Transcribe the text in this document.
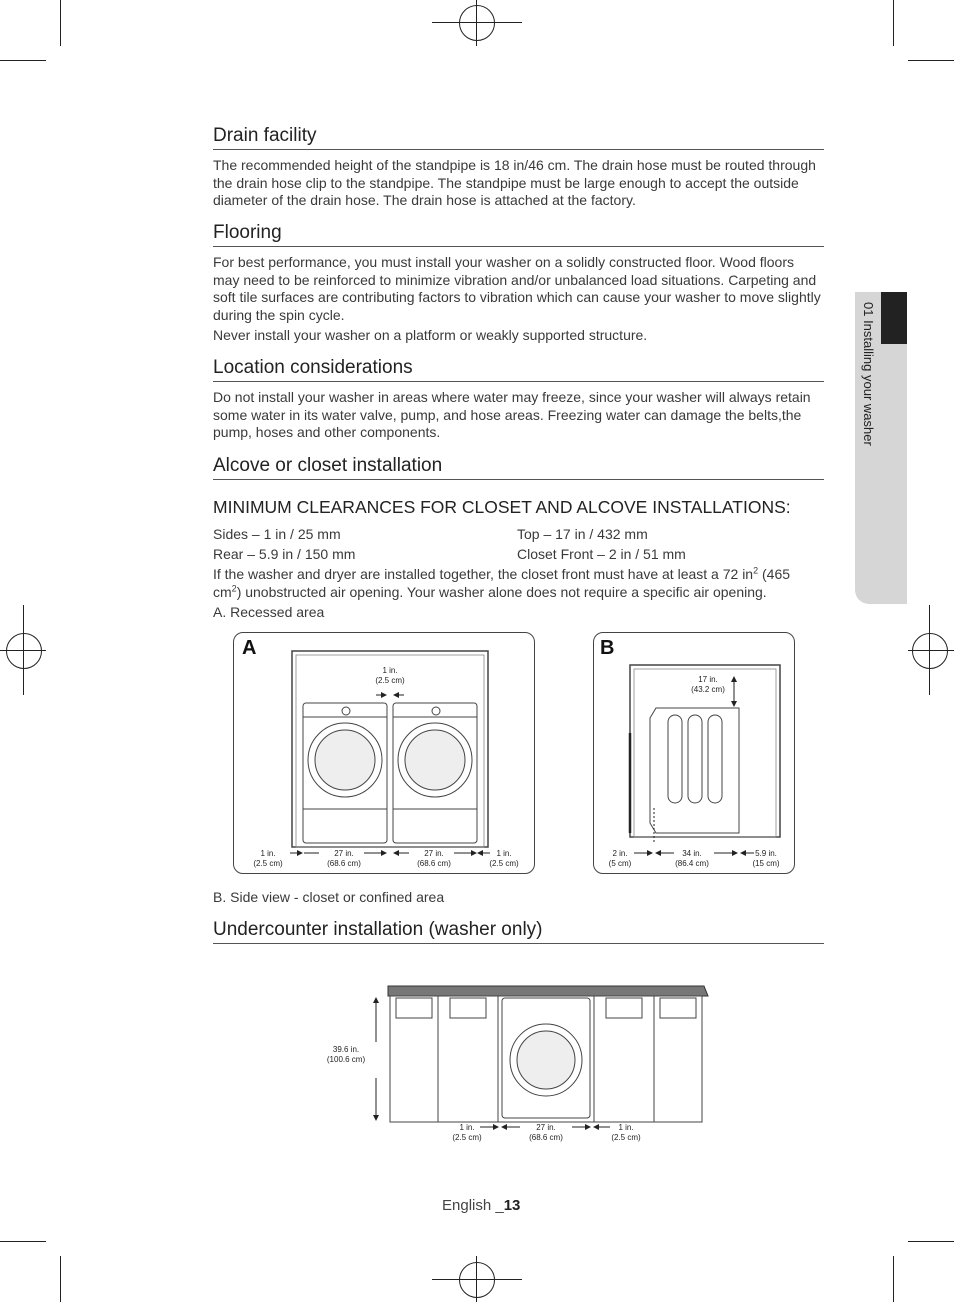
01 Installing your washer
Drain facility

The recommended height of the standpipe is 18 in/46 cm. The drain hose must be routed through the drain hose clip to the standpipe. The standpipe must be large enough to accept the outside diameter of the drain hose. The drain hose is attached at the factory.

Flooring

For best performance, you must install your washer on a solidly constructed floor. Wood floors may need to be reinforced to minimize vibration and/or unbalanced load situations. Carpeting and soft tile surfaces are contributing factors to vibration which can cause your washer to move slightly during the spin cycle.

Never install your washer on a platform or weakly supported structure.

Location considerations

Do not install your washer in areas where water may freeze, since your washer will always retain some water in its water valve, pump, and hose areas. Freezing water can damage the belts,the pump, hoses and other components.

Alcove or closet installation
MINIMUM CLEARANCES FOR CLOSET AND ALCOVE INSTALLATIONS:
Sides – 1 in / 25 mm	Top – 17 in / 432 mm
Rear – 5.9 in / 150 mm	Closet Front – 2 in / 51 mm

If the washer and dryer are installed together, the closet front must have at least a 72 $in^2$ (465 $cm^2$) unobstructed air opening. Your washer alone does not require a specific air opening.

A. Recessed area
A
1 in.
(2.5 cm)
1 in.
(2.5 cm)
27 in.
(68.6 cm)
27 in.
(68.6 cm)
1 in.
(2.5 cm)
B
17 in.
(43.2 cm)
2 in.
(5 cm)
34 in.
(86.4 cm)
5.9 in.
(15 cm)
B. Side view - closet or confined area
Undercounter installation (washer only)
39.6 in.
(100.6 cm)
1 in.
(2.5 cm)
27 in.
(68.6 cm)
1 in.
(2.5 cm)
English _13
